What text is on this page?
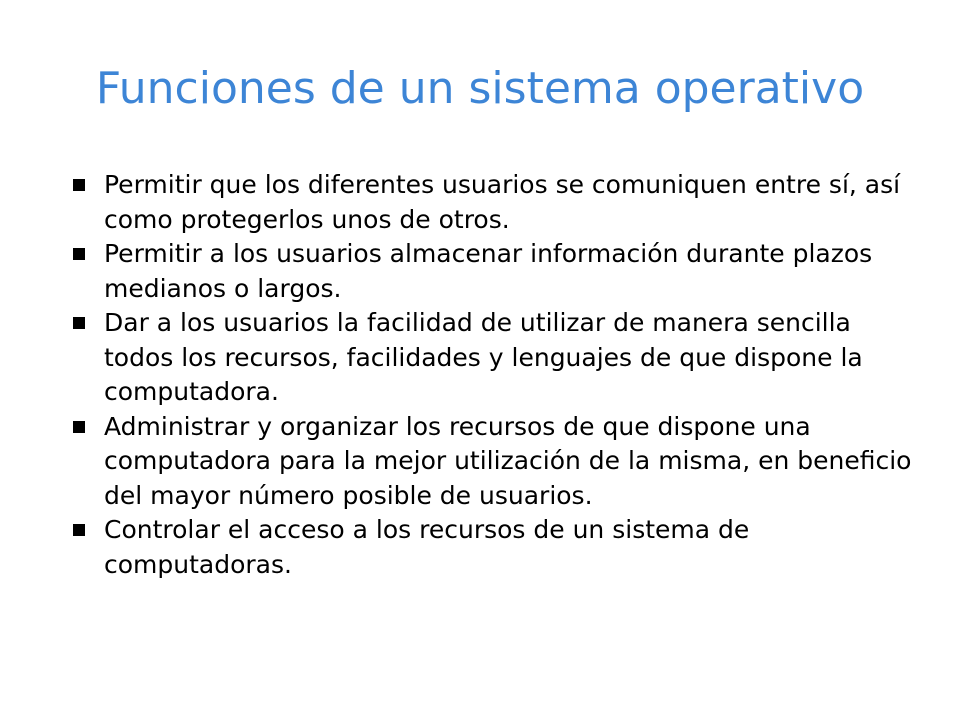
Funciones de un sistema operativo
Permitir que los diferentes usuarios se comuniquen entre sí, así como protegerlos unos de otros.
Permitir a los usuarios almacenar información durante plazos medianos o largos.
Dar a los usuarios la facilidad de utilizar de manera sencilla todos los recursos, facilidades y lenguajes de que dispone la computadora.
Administrar y organizar los recursos de que dispone una computadora para la mejor utilización de la misma, en beneficio del mayor número posible de usuarios.
Controlar el acceso a los recursos de un sistema de computadoras.
